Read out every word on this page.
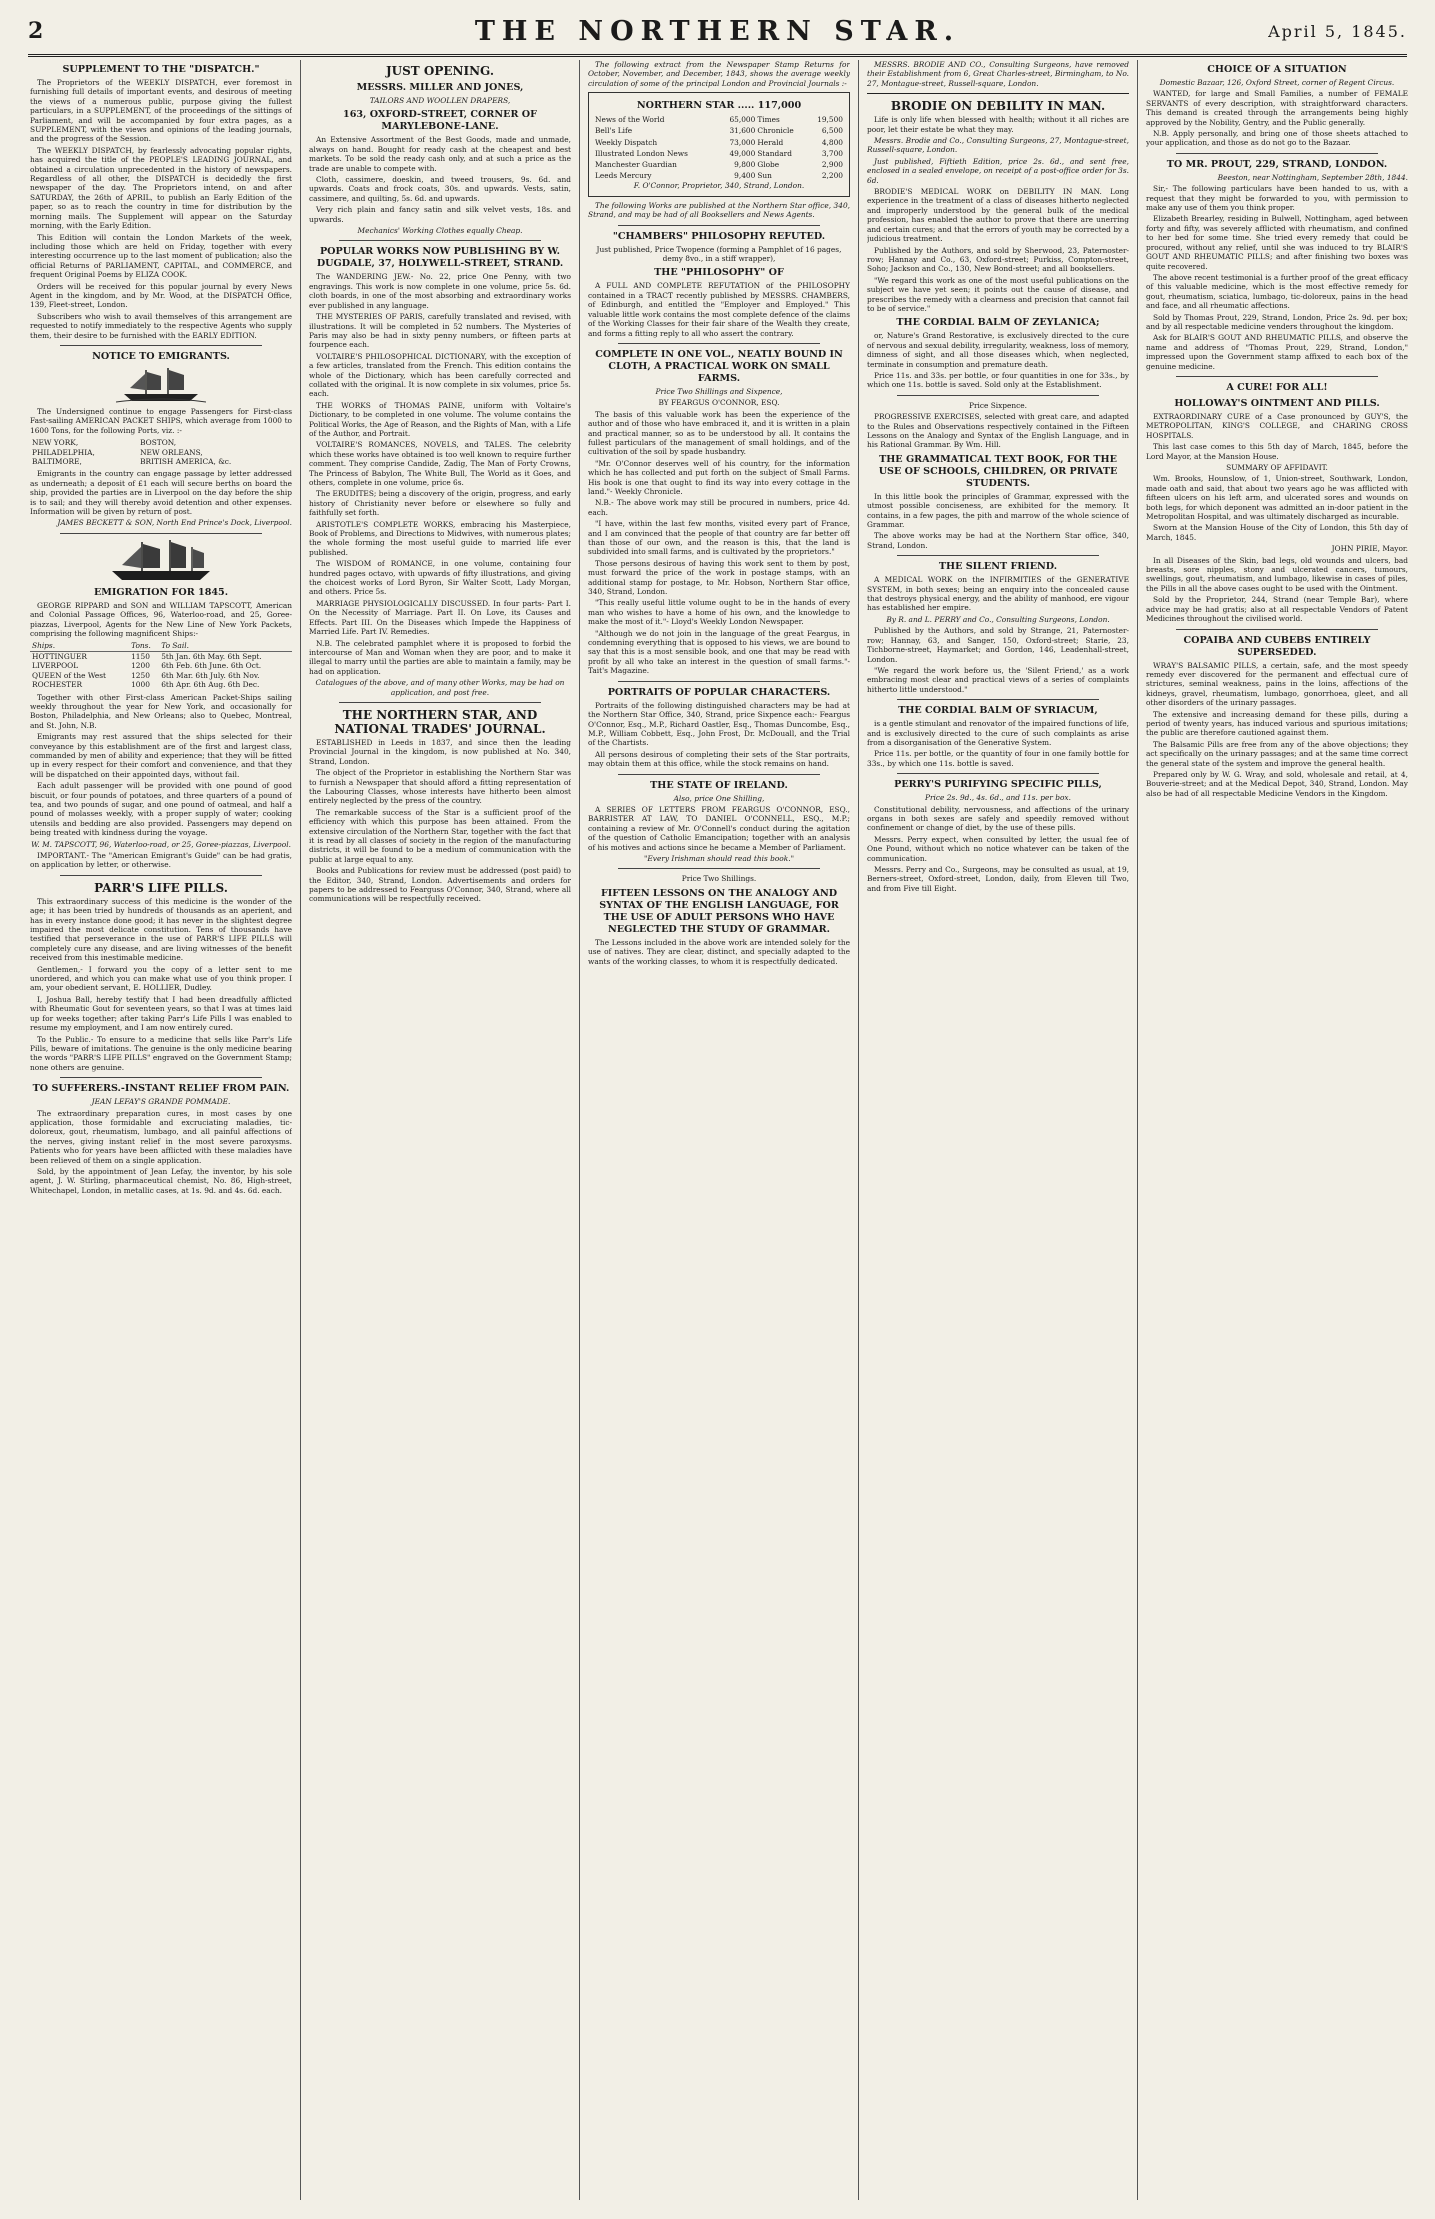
2	THE NORTHERN STAR.	April 5, 1845.
SUPPLEMENT TO THE "DISPATCH."

The Proprietors of the WEEKLY DISPATCH, ever foremost in furnishing full details of important events, and desirous of meeting the views of a numerous public, purpose giving the fullest particulars, in a SUPPLEMENT, of the proceedings of the sittings of Parliament, and will be accompanied by four extra pages, as a SUPPLEMENT, with the views and opinions of the leading journals, and the progress of the Session.

The WEEKLY DISPATCH, by fearlessly advocating popular rights, has acquired the title of the PEOPLE'S LEADING JOURNAL, and obtained a circulation unprecedented in the history of newspapers. Regardless of all other, the DISPATCH is decidedly the first newspaper of the day. The Proprietors intend, on and after SATURDAY, the 26th of APRIL, to publish an Early Edition of the paper, so as to reach the country in time for distribution by the morning mails. The Supplement will appear on the Saturday morning, with the Early Edition.

This Edition will contain the London Markets of the week, including those which are held on Friday, together with every interesting occurrence up to the last moment of publication; also the official Returns of PARLIAMENT, CAPITAL, and COMMERCE, and frequent Original Poems by ELIZA COOK.

Orders will be received for this popular journal by every News Agent in the kingdom, and by Mr. Wood, at the DISPATCH Office, 139, Fleet-street, London.

Subscribers who wish to avail themselves of this arrangement are requested to notify immediately to the respective Agents who supply them, their desire to be furnished with the EARLY EDITION.

NOTICE TO EMIGRANTS.

The Undersigned continue to engage Passengers for First-class Fast-sailing AMERICAN PACKET SHIPS, which average from 1000 to 1600 Tons, for the following Ports, viz. :-

NEW YORK,	BOSTON,
PHILADELPHIA,	NEW ORLEANS,
BALTIMORE,	BRITISH AMERICA, &c.

Emigrants in the country can engage passage by letter addressed as underneath; a deposit of £1 each will secure berths on board the ship, provided the parties are in Liverpool on the day before the ship is to sail; and they will thereby avoid detention and other expenses. Information will be given by return of post.

JAMES BECKETT & SON, North End Prince's Dock, Liverpool.

EMIGRATION FOR 1845.

GEORGE RIPPARD and SON and WILLIAM TAPSCOTT, American and Colonial Passage Offices, 96, Waterloo-road, and 25, Goree-piazzas, Liverpool, Agents for the New Line of New York Packets, comprising the following magnificent Ships:-

Ships.	Tons.	To Sail.
HOTTINGUER	1150	5th Jan. 6th May. 6th Sept.
LIVERPOOL	1200	6th Feb. 6th June. 6th Oct.
QUEEN of the West	1250	6th Mar. 6th July. 6th Nov.
ROCHESTER	1000	6th Apr. 6th Aug. 6th Dec.

Together with other First-class American Packet-Ships sailing weekly throughout the year for New York, and occasionally for Boston, Philadelphia, and New Orleans; also to Quebec, Montreal, and St. John, N.B.

Emigrants may rest assured that the ships selected for their conveyance by this establishment are of the first and largest class, commanded by men of ability and experience; that they will be fitted up in every respect for their comfort and convenience, and that they will be dispatched on their appointed days, without fail.

Each adult passenger will be provided with one pound of good biscuit, or four pounds of potatoes, and three quarters of a pound of tea, and two pounds of sugar, and one pound of oatmeal, and half a pound of molasses weekly, with a proper supply of water; cooking utensils and bedding are also provided. Passengers may depend on being treated with kindness during the voyage.

W. M. TAPSCOTT, 96, Waterloo-road, or 25, Goree-piazzas, Liverpool.

IMPORTANT.- The "American Emigrant's Guide" can be had gratis, on application by letter, or otherwise.

PARR'S LIFE PILLS.

This extraordinary success of this medicine is the wonder of the age; it has been tried by hundreds of thousands as an aperient, and has in every instance done good; it has never in the slightest degree impaired the most delicate constitution. Tens of thousands have testified that perseverance in the use of PARR'S LIFE PILLS will completely cure any disease, and are living witnesses of the benefit received from this inestimable medicine.

Gentlemen,- I forward you the copy of a letter sent to me unordered, and which you can make what use of you think proper. I am, your obedient servant, E. HOLLIER, Dudley.

I, Joshua Ball, hereby testify that I had been dreadfully afflicted with Rheumatic Gout for seventeen years, so that I was at times laid up for weeks together; after taking Parr's Life Pills I was enabled to resume my employment, and I am now entirely cured.

To the Public.- To ensure to a medicine that sells like Parr's Life Pills, beware of imitations. The genuine is the only medicine bearing the words "PARR'S LIFE PILLS" engraved on the Government Stamp; none others are genuine.

TO SUFFERERS.-INSTANT RELIEF FROM PAIN.

JEAN LEFAY'S GRANDE POMMADE.

The extraordinary preparation cures, in most cases by one application, those formidable and excruciating maladies, tic-doloreux, gout, rheumatism, lumbago, and all painful affections of the nerves, giving instant relief in the most severe paroxysms. Patients who for years have been afflicted with these maladies have been relieved of them on a single application.

Sold, by the appointment of Jean Lefay, the inventor, by his sole agent, J. W. Stirling, pharmaceutical chemist, No. 86, High-street, Whitechapel, London, in metallic cases, at 1s. 9d. and 4s. 6d. each.

JUST OPENING.
MESSRS. MILLER AND JONES,

TAILORS AND WOOLLEN DRAPERS,

163, OXFORD-STREET, CORNER OF MARYLEBONE-LANE.

An Extensive Assortment of the Best Goods, made and unmade, always on hand. Bought for ready cash at the cheapest and best markets. To be sold the ready cash only, and at such a price as the trade are unable to compete with.

Cloth, cassimere, doeskin, and tweed trousers, 9s. 6d. and upwards. Coats and frock coats, 30s. and upwards. Vests, satin, cassimere, and quilting, 5s. 6d. and upwards.

Very rich plain and fancy satin and silk velvet vests, 18s. and upwards.

Mechanics' Working Clothes equally Cheap.

POPULAR WORKS NOW PUBLISHING BY W. DUGDALE, 37, HOLYWELL-STREET, STRAND.

The WANDERING JEW.- No. 22, price One Penny, with two engravings. This work is now complete in one volume, price 5s. 6d. cloth boards, in one of the most absorbing and extraordinary works ever published in any language.

THE MYSTERIES OF PARIS, carefully translated and revised, with illustrations. It will be completed in 52 numbers. The Mysteries of Paris may also be had in sixty penny numbers, or fifteen parts at fourpence each.

VOLTAIRE'S PHILOSOPHICAL DICTIONARY, with the exception of a few articles, translated from the French. This edition contains the whole of the Dictionary, which has been carefully corrected and collated with the original. It is now complete in six volumes, price 5s. each.

THE WORKS of THOMAS PAINE, uniform with Voltaire's Dictionary, to be completed in one volume. The volume contains the Political Works, the Age of Reason, and the Rights of Man, with a Life of the Author, and Portrait.

VOLTAIRE'S ROMANCES, NOVELS, and TALES. The celebrity which these works have obtained is too well known to require further comment. They comprise Candide, Zadig, The Man of Forty Crowns, The Princess of Babylon, The White Bull, The World as it Goes, and others, complete in one volume, price 6s.

The ERUDITES; being a discovery of the origin, progress, and early history of Christianity never before or elsewhere so fully and faithfully set forth.

ARISTOTLE'S COMPLETE WORKS, embracing his Masterpiece, Book of Problems, and Directions to Midwives, with numerous plates; the whole forming the most useful guide to married life ever published.

The WISDOM of ROMANCE, in one volume, containing four hundred pages octavo, with upwards of fifty illustrations, and giving the choicest works of Lord Byron, Sir Walter Scott, Lady Morgan, and others. Price 5s.

MARRIAGE PHYSIOLOGICALLY DISCUSSED. In four parts- Part I. On the Necessity of Marriage. Part II. On Love, its Causes and Effects. Part III. On the Diseases which Impede the Happiness of Married Life. Part IV. Remedies.

N.B. The celebrated pamphlet where it is proposed to forbid the intercourse of Man and Woman when they are poor, and to make it illegal to marry until the parties are able to maintain a family, may be had on application.

Catalogues of the above, and of many other Works, may be had on application, and post free.

THE NORTHERN STAR, AND NATIONAL TRADES' JOURNAL.

ESTABLISHED in Leeds in 1837, and since then the leading Provincial Journal in the kingdom, is now published at No. 340, Strand, London.

The object of the Proprietor in establishing the Northern Star was to furnish a Newspaper that should afford a fitting representation of the Labouring Classes, whose interests have hitherto been almost entirely neglected by the press of the country.

The remarkable success of the Star is a sufficient proof of the efficiency with which this purpose has been attained. From the extensive circulation of the Northern Star, together with the fact that it is read by all classes of society in the region of the manufacturing districts, it will be found to be a medium of communication with the public at large equal to any.

Books and Publications for review must be addressed (post paid) to the Editor, 340, Strand, London. Advertisements and orders for papers to be addressed to Fearguss O'Connor, 340, Strand, where all communications will be respectfully received.

The following extract from the Newspaper Stamp Returns for October, November, and December, 1843, shows the average weekly circulation of some of the principal London and Provincial Journals :-

NORTHERN STAR ..... 117,000
News of the World	65,000	Times	19,500
Bell's Life	31,600	Chronicle	6,500
Weekly Dispatch	73,000	Herald	4,800
Illustrated London News	49,000	Standard	3,700
Manchester Guardian	9,800	Globe	2,900
Leeds Mercury	9,400	Sun	2,200

F. O'Connor, Proprietor, 340, Strand, London.

The following Works are published at the Northern Star office, 340, Strand, and may be had of all Booksellers and News Agents.

"CHAMBERS" PHILOSOPHY REFUTED.

Just published, Price Twopence (forming a Pamphlet of 16 pages, demy 8vo., in a stiff wrapper),

THE "PHILOSOPHY" OF

A FULL AND COMPLETE REFUTATION of the PHILOSOPHY contained in a TRACT recently published by MESSRS. CHAMBERS, of Edinburgh, and entitled the "Employer and Employed." This valuable little work contains the most complete defence of the claims of the Working Classes for their fair share of the Wealth they create, and forms a fitting reply to all who assert the contrary.

COMPLETE IN ONE VOL., NEATLY BOUND IN CLOTH, A PRACTICAL WORK ON SMALL FARMS.

Price Two Shillings and Sixpence,

BY FEARGUS O'CONNOR, ESQ.

The basis of this valuable work has been the experience of the author and of those who have embraced it, and it is written in a plain and practical manner, so as to be understood by all. It contains the fullest particulars of the management of small holdings, and of the cultivation of the soil by spade husbandry.

"Mr. O'Connor deserves well of his country, for the information which he has collected and put forth on the subject of Small Farms. His book is one that ought to find its way into every cottage in the land."- Weekly Chronicle.

N.B.- The above work may still be procured in numbers, price 4d. each.

"I have, within the last few months, visited every part of France, and I am convinced that the people of that country are far better off than those of our own, and the reason is this, that the land is subdivided into small farms, and is cultivated by the proprietors."

Those persons desirous of having this work sent to them by post, must forward the price of the work in postage stamps, with an additional stamp for postage, to Mr. Hobson, Northern Star office, 340, Strand, London.

"This really useful little volume ought to be in the hands of every man who wishes to have a home of his own, and the knowledge to make the most of it."- Lloyd's Weekly London Newspaper.

"Although we do not join in the language of the great Feargus, in condemning everything that is opposed to his views, we are bound to say that this is a most sensible book, and one that may be read with profit by all who take an interest in the question of small farms."- Tait's Magazine.

PORTRAITS OF POPULAR CHARACTERS.

Portraits of the following distinguished characters may be had at the Northern Star Office, 340, Strand, price Sixpence each:- Feargus O'Connor, Esq., M.P., Richard Oastler, Esq., Thomas Duncombe, Esq., M.P., William Cobbett, Esq., John Frost, Dr. McDouall, and the Trial of the Chartists.

All persons desirous of completing their sets of the Star portraits, may obtain them at this office, while the stock remains on hand.

THE STATE OF IRELAND.

Also, price One Shilling,

A SERIES OF LETTERS FROM FEARGUS O'CONNOR, ESQ., BARRISTER AT LAW, TO DANIEL O'CONNELL, ESQ., M.P.; containing a review of Mr. O'Connell's conduct during the agitation of the question of Catholic Emancipation; together with an analysis of his motives and actions since he became a Member of Parliament.

"Every Irishman should read this book."

Price Two Shillings.

FIFTEEN LESSONS ON THE ANALOGY AND SYNTAX OF THE ENGLISH LANGUAGE, FOR THE USE OF ADULT PERSONS WHO HAVE NEGLECTED THE STUDY OF GRAMMAR.

The Lessons included in the above work are intended solely for the use of natives. They are clear, distinct, and specially adapted to the wants of the working classes, to whom it is respectfully dedicated.

MESSRS. BRODIE AND CO., Consulting Surgeons, have removed their Establishment from 6, Great Charles-street, Birmingham, to No. 27, Montague-street, Russell-square, London.

BRODIE ON DEBILITY IN MAN.

Life is only life when blessed with health; without it all riches are poor, let their estate be what they may.

Messrs. Brodie and Co., Consulting Surgeons, 27, Montague-street, Russell-square, London.

Just published, Fiftieth Edition, price 2s. 6d., and sent free, enclosed in a sealed envelope, on receipt of a post-office order for 3s. 6d.

BRODIE'S MEDICAL WORK on DEBILITY IN MAN. Long experience in the treatment of a class of diseases hitherto neglected and improperly understood by the general bulk of the medical profession, has enabled the author to prove that there are unerring and certain cures; and that the errors of youth may be corrected by a judicious treatment.

Published by the Authors, and sold by Sherwood, 23, Paternoster-row; Hannay and Co., 63, Oxford-street; Purkiss, Compton-street, Soho; Jackson and Co., 130, New Bond-street; and all booksellers.

"We regard this work as one of the most useful publications on the subject we have yet seen; it points out the cause of disease, and prescribes the remedy with a clearness and precision that cannot fail to be of service."

THE CORDIAL BALM OF ZEYLANICA;

or, Nature's Grand Restorative, is exclusively directed to the cure of nervous and sexual debility, irregularity, weakness, loss of memory, dimness of sight, and all those diseases which, when neglected, terminate in consumption and premature death.

Price 11s. and 33s. per bottle, or four quantities in one for 33s., by which one 11s. bottle is saved. Sold only at the Establishment.

Price Sixpence.

PROGRESSIVE EXERCISES, selected with great care, and adapted to the Rules and Observations respectively contained in the Fifteen Lessons on the Analogy and Syntax of the English Language, and in his Rational Grammar. By Wm. Hill.

THE GRAMMATICAL TEXT BOOK, FOR THE USE OF SCHOOLS, CHILDREN, OR PRIVATE STUDENTS.

In this little book the principles of Grammar, expressed with the utmost possible conciseness, are exhibited for the memory. It contains, in a few pages, the pith and marrow of the whole science of Grammar.

The above works may be had at the Northern Star office, 340, Strand, London.

THE SILENT FRIEND.

A MEDICAL WORK on the INFIRMITIES of the GENERATIVE SYSTEM, in both sexes; being an enquiry into the concealed cause that destroys physical energy, and the ability of manhood, ere vigour has established her empire.

By R. and L. PERRY and Co., Consulting Surgeons, London.

Published by the Authors, and sold by Strange, 21, Paternoster-row; Hannay, 63, and Sanger, 150, Oxford-street; Starie, 23, Tichborne-street, Haymarket; and Gordon, 146, Leadenhall-street, London.

"We regard the work before us, the 'Silent Friend,' as a work embracing most clear and practical views of a series of complaints hitherto little understood."

THE CORDIAL BALM OF SYRIACUM,

is a gentle stimulant and renovator of the impaired functions of life, and is exclusively directed to the cure of such complaints as arise from a disorganisation of the Generative System.

Price 11s. per bottle, or the quantity of four in one family bottle for 33s., by which one 11s. bottle is saved.

PERRY'S PURIFYING SPECIFIC PILLS,

Price 2s. 9d., 4s. 6d., and 11s. per box.

Constitutional debility, nervousness, and affections of the urinary organs in both sexes are safely and speedily removed without confinement or change of diet, by the use of these pills.

Messrs. Perry expect, when consulted by letter, the usual fee of One Pound, without which no notice whatever can be taken of the communication.

Messrs. Perry and Co., Surgeons, may be consulted as usual, at 19, Berners-street, Oxford-street, London, daily, from Eleven till Two, and from Five till Eight.

CHOICE OF A SITUATION

Domestic Bazaar, 126, Oxford Street, corner of Regent Circus.

WANTED, for large and Small Families, a number of FEMALE SERVANTS of every description, with straightforward characters. This demand is created through the arrangements being highly approved by the Nobility, Gentry, and the Public generally.

N.B. Apply personally, and bring one of those sheets attached to your application, and those as do not go to the Bazaar.

TO MR. PROUT, 229, STRAND, LONDON.

Beeston, near Nottingham, September 28th, 1844.

Sir,- The following particulars have been handed to us, with a request that they might be forwarded to you, with permission to make any use of them you think proper.

Elizabeth Brearley, residing in Bulwell, Nottingham, aged between forty and fifty, was severely afflicted with rheumatism, and confined to her bed for some time. She tried every remedy that could be procured, without any relief, until she was induced to try BLAIR'S GOUT AND RHEUMATIC PILLS; and after finishing two boxes was quite recovered.

The above recent testimonial is a further proof of the great efficacy of this valuable medicine, which is the most effective remedy for gout, rheumatism, sciatica, lumbago, tic-doloreux, pains in the head and face, and all rheumatic affections.

Sold by Thomas Prout, 229, Strand, London, Price 2s. 9d. per box; and by all respectable medicine venders throughout the kingdom.

Ask for BLAIR'S GOUT AND RHEUMATIC PILLS, and observe the name and address of "Thomas Prout, 229, Strand, London," impressed upon the Government stamp affixed to each box of the genuine medicine.

A CURE! FOR ALL!
HOLLOWAY'S OINTMENT AND PILLS.

EXTRAORDINARY CURE of a Case pronounced by GUY'S, the METROPOLITAN, KING'S COLLEGE, and CHARING CROSS HOSPITALS.

This last case comes to this 5th day of March, 1845, before the Lord Mayor, at the Mansion House.

SUMMARY OF AFFIDAVIT.

Wm. Brooks, Hounslow, of 1, Union-street, Southwark, London, made oath and said, that about two years ago he was afflicted with fifteen ulcers on his left arm, and ulcerated sores and wounds on both legs, for which deponent was admitted an in-door patient in the Metropolitan Hospital, and was ultimately discharged as incurable.

Sworn at the Mansion House of the City of London, this 5th day of March, 1845.

JOHN PIRIE, Mayor.

In all Diseases of the Skin, bad legs, old wounds and ulcers, bad breasts, sore nipples, stony and ulcerated cancers, tumours, swellings, gout, rheumatism, and lumbago, likewise in cases of piles, the Pills in all the above cases ought to be used with the Ointment.

Sold by the Proprietor, 244, Strand (near Temple Bar), where advice may be had gratis; also at all respectable Vendors of Patent Medicines throughout the civilised world.

COPAIBA AND CUBEBS ENTIRELY SUPERSEDED.

WRAY'S BALSAMIC PILLS, a certain, safe, and the most speedy remedy ever discovered for the permanent and effectual cure of strictures, seminal weakness, pains in the loins, affections of the kidneys, gravel, rheumatism, lumbago, gonorrhoea, gleet, and all other disorders of the urinary passages.

The extensive and increasing demand for these pills, during a period of twenty years, has induced various and spurious imitations; the public are therefore cautioned against them.

The Balsamic Pills are free from any of the above objections; they act specifically on the urinary passages; and at the same time correct the general state of the system and improve the general health.

Prepared only by W. G. Wray, and sold, wholesale and retail, at 4, Bouverie-street; and at the Medical Depot, 340, Strand, London. May also be had of all respectable Medicine Vendors in the Kingdom.
